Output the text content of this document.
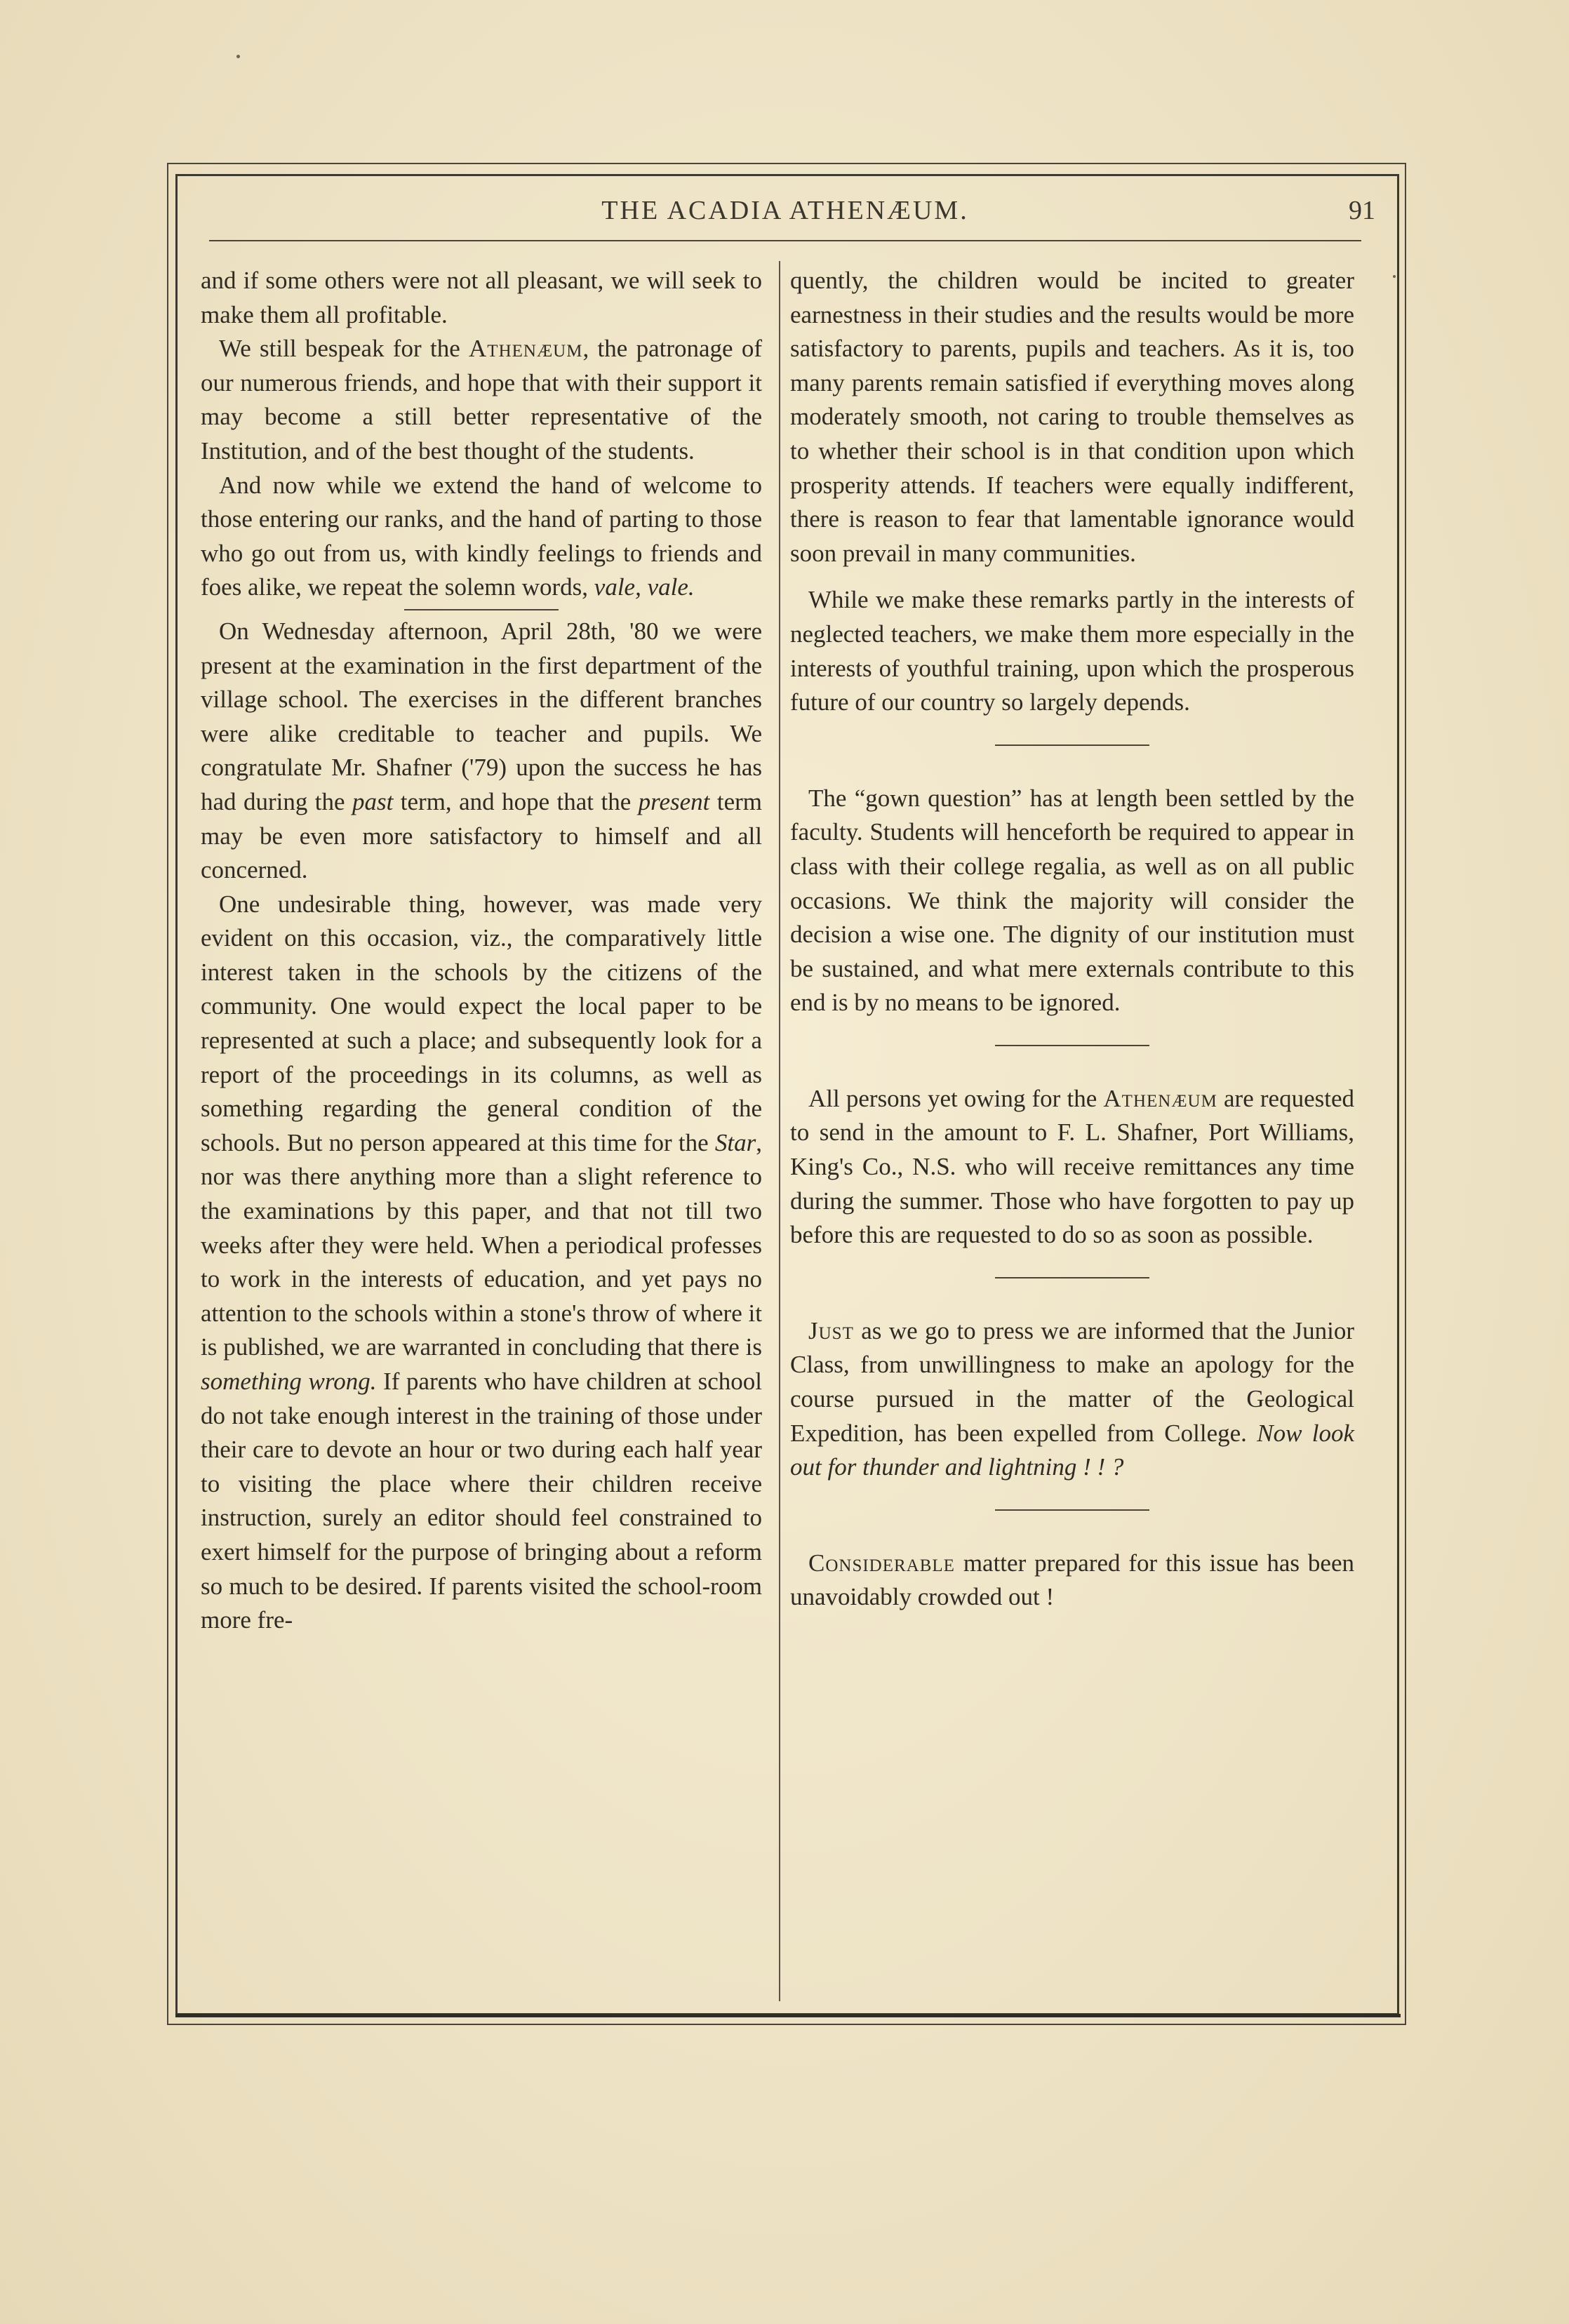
THE ACADIA ATHENÆUM.	91

and if some others were not all pleasant, we will seek to make them all profitable.

We still bespeak for the Athenæum, the patronage of our numerous friends, and hope that with their support it may become a still better representative of the Institution, and of the best thought of the students.

And now while we extend the hand of welcome to those entering our ranks, and the hand of parting to those who go out from us, with kindly feelings to friends and foes alike, we repeat the solemn words, vale, vale.

On Wednesday afternoon, April 28th, '80 we were present at the examination in the first department of the village school. The exercises in the different branches were alike creditable to teacher and pupils. We congratulate Mr. Shafner ('79) upon the success he has had during the past term, and hope that the present term may be even more satisfactory to himself and all concerned.

One undesirable thing, however, was made very evident on this occasion, viz., the comparatively little interest taken in the schools by the citizens of the community. One would expect the local paper to be represented at such a place; and subsequently look for a report of the proceedings in its columns, as well as something regarding the general condition of the schools. But no person appeared at this time for the Star, nor was there anything more than a slight reference to the examinations by this paper, and that not till two weeks after they were held. When a periodical professes to work in the interests of education, and yet pays no attention to the schools within a stone's throw of where it is published, we are warranted in concluding that there is something wrong. If parents who have children at school do not take enough interest in the training of those under their care to devote an hour or two during each half year to visiting the place where their children receive instruction, surely an editor should feel constrained to exert himself for the purpose of bringing about a reform so much to be desired. If parents visited the school-room more fre-

quently, the children would be incited to greater earnestness in their studies and the results would be more satisfactory to parents, pupils and teachers. As it is, too many parents remain satisfied if everything moves along moderately smooth, not caring to trouble themselves as to whether their school is in that condition upon which prosperity attends. If teachers were equally indifferent, there is reason to fear that lamentable ignorance would soon prevail in many communities.

While we make these remarks partly in the interests of neglected teachers, we make them more especially in the interests of youthful training, upon which the prosperous future of our country so largely depends.

The “gown question” has at length been settled by the faculty. Students will henceforth be required to appear in class with their college regalia, as well as on all public occasions. We think the majority will consider the decision a wise one. The dignity of our institution must be sustained, and what mere externals contribute to this end is by no means to be ignored.

All persons yet owing for the Athenæum are requested to send in the amount to F. L. Shafner, Port Williams, King's Co., N.S. who will receive remittances any time during the summer. Those who have forgotten to pay up before this are requested to do so as soon as possible.

Just as we go to press we are informed that the Junior Class, from unwillingness to make an apology for the course pursued in the matter of the Geological Expedition, has been expelled from College. Now look out for thunder and lightning ! ! ?

Considerable matter prepared for this issue has been unavoidably crowded out !
